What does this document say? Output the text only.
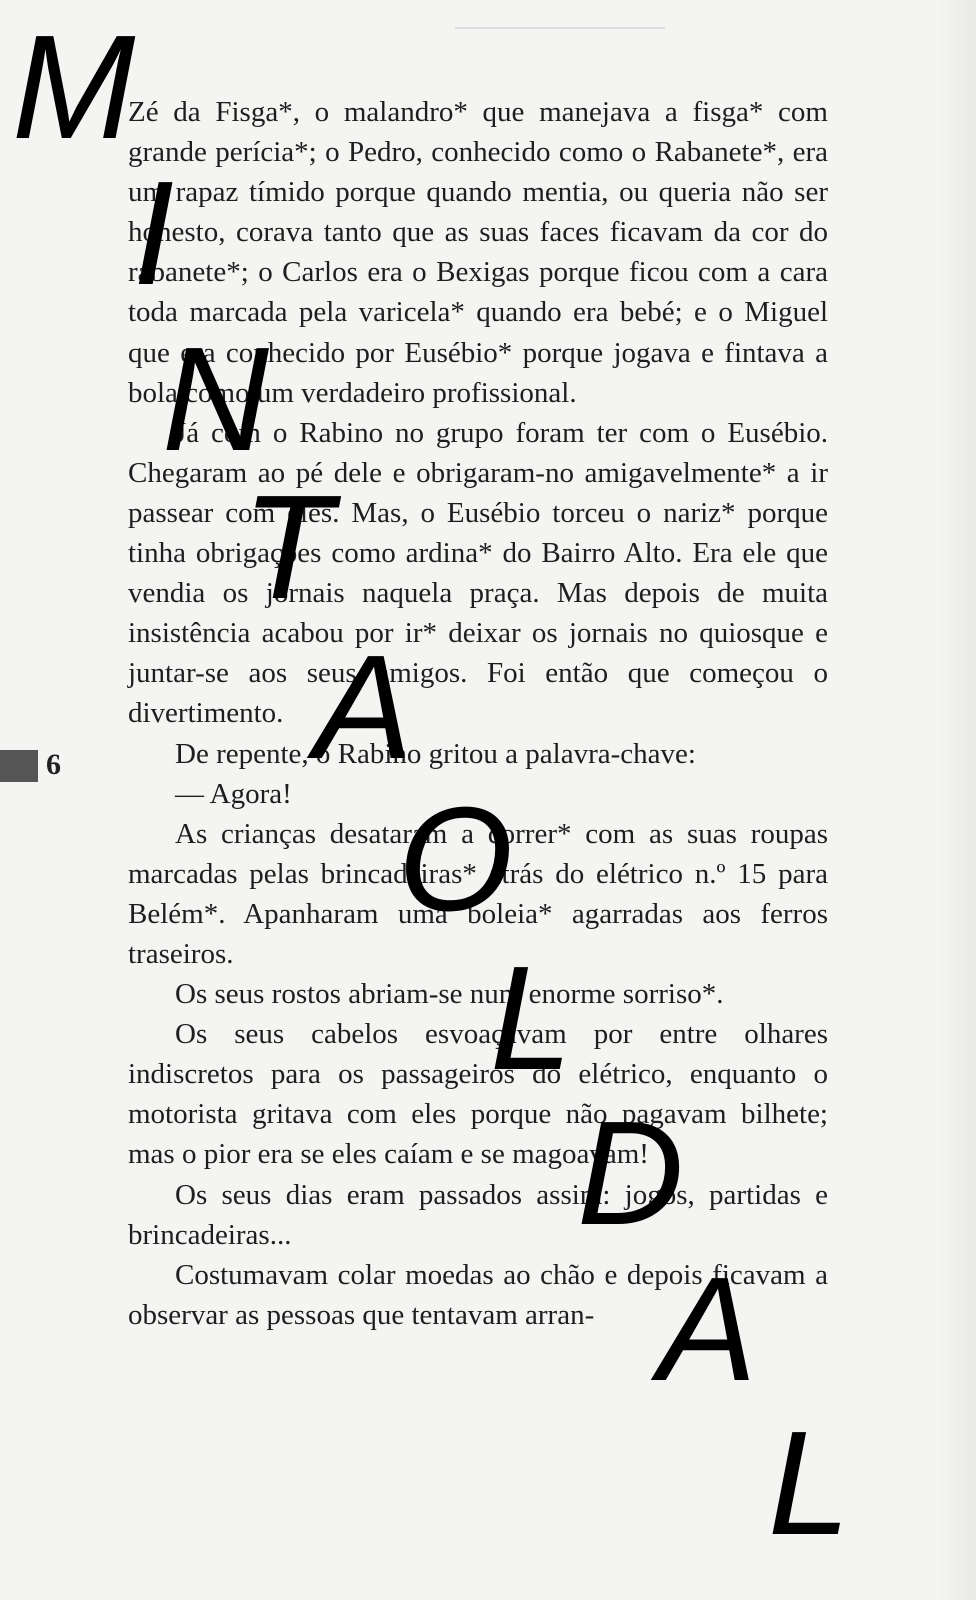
Zé da Fisga*, o malandro* que manejava a fisga* com grande perícia*; o Pedro, conhecido como o Rabanete*, era um rapaz tímido porque quando mentia, ou queria não ser honesto, corava tanto que as suas faces ficavam da cor do rabanete*; o Carlos era o Bexigas porque ficou com a cara toda marcada pela varicela* quando era bebé; e o Miguel que era conhecido por Eusébio* porque jogava e fintava a bola como um verdadeiro profissional.

Já com o Rabino no grupo foram ter com o Eusébio. Chegaram ao pé dele e obrigaram-no amigavelmente* a ir passear com eles. Mas, o Eusébio torceu o nariz* porque tinha obrigações como ardina* do Bairro Alto. Era ele que vendia os jornais naquela praça. Mas depois de muita insistência acabou por ir* deixar os jornais no quiosque e juntar-se aos seus amigos. Foi então que começou o divertimento.

De repente, o Rabino gritou a palavra-chave:

— Agora!

As crianças desataram a correr* com as suas roupas marcadas pelas brincadeiras* atrás do elétrico n.º 15 para Belém*. Apanharam uma boleia* agarradas aos ferros traseiros.

Os seus rostos abriam-se num enorme sorriso*.

Os seus cabelos esvoaçavam por entre olhares indiscretos para os passageiros do elétrico, enquanto o motorista gritava com eles porque não pagavam bilhete; mas o pior era se eles caíam e se magoavam!

Os seus dias eram passados assim: jogos, partidas e brincadeiras...

Costumavam colar moedas ao chão e depois ficavam a observar as pessoas que tentavam arran-

6
M
I
N
T
A
O
L
D
A
L
